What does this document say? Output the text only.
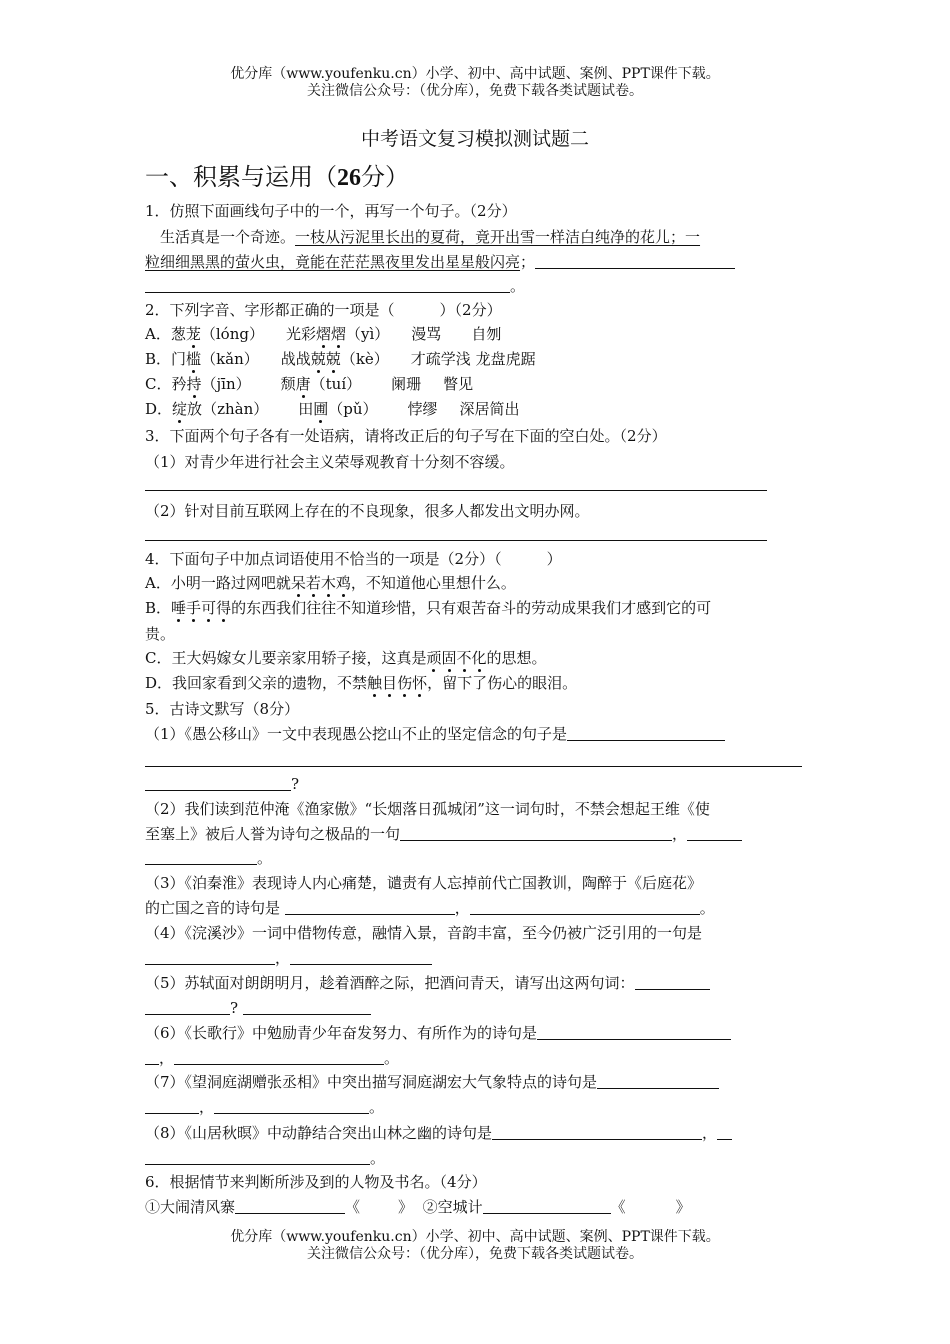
优分库（www.youfenku.cn）小学、初中、高中试题、案例、PPT课件下载。
关注微信公众号：（优分库），免费下载各类试题试卷。
中考语文复习模拟测试题二
一、积累与运用（26分）
1．仿照下面画线句子中的一个，再写一个句子。（2分）
生活真是一个奇迹。一枝从污泥里长出的夏荷，竟开出雪一样洁白纯净的花儿；一
粒细细黑黑的萤火虫，竟能在茫茫黑夜里发出星星般闪亮；
。
2．下列字音、字形都正确的一项是（　　　）（2分）
A．葱茏（lóng） 光彩熠熠（yì） 漫骂 自刎
B．门槛（kǎn） 战战兢兢（kè） 才疏学浅 龙盘虎踞
C．矜持（jīn） 颓唐（tuí） 阑珊 瞥见
D．绽放（zhàn） 田圃（pǔ） 悖缪 深居简出
3．下面两个句子各有一处语病，请将改正后的句子写在下面的空白处。（2分）
（1）对青少年进行社会主义荣辱观教育十分刻不容缓。
（2）针对目前互联网上存在的不良现象，很多人都发出文明办网。
4．下面句子中加点词语使用不恰当的一项是（2分）（　　　）
A．小明一路过网吧就呆若木鸡，不知道他心里想什么。
B．唾手可得的东西我们往往不知道珍惜，只有艰苦奋斗的劳动成果我们才感到它的可
贵。
C．王大妈嫁女儿要亲家用轿子接，这真是顽固不化的思想。
D．我回家看到父亲的遗物，不禁触目伤怀，留下了伤心的眼泪。
5．古诗文默写（8分）
（1）《愚公移山》一文中表现愚公挖山不止的坚定信念的句子是
?
（2）我们读到范仲淹《渔家傲》“长烟落日孤城闭”这一词句时，不禁会想起王维《使
至塞上》被后人誉为诗句之极品的一句	，
。
（3）《泊秦淮》表现诗人内心痛楚，谴责有人忘掉前代亡国教训，陶醉于《后庭花》
的亡国之音的诗句是	，	。
（4）《浣溪沙》一词中借物传意，融情入景，音韵丰富，至今仍被广泛引用的一句是
，
（5）苏轼面对朗朗明月，趁着酒醉之际，把酒问青天，请写出这两句词：
?
（6）《长歌行》中勉励青少年奋发努力、有所作为的诗句是
，	。
（7）《望洞庭湖赠张丞相》中突出描写洞庭湖宏大气象特点的诗句是
，	。
（8）《山居秋暝》中动静结合突出山林之幽的诗句是	，
。
6．根据情节来判断所涉及到的人物及书名。（4分）
①大闹清风寨	《	》 ②空城计	《	》
优分库（www.youfenku.cn）小学、初中、高中试题、案例、PPT课件下载。
关注微信公众号：（优分库），免费下载各类试题试卷。
